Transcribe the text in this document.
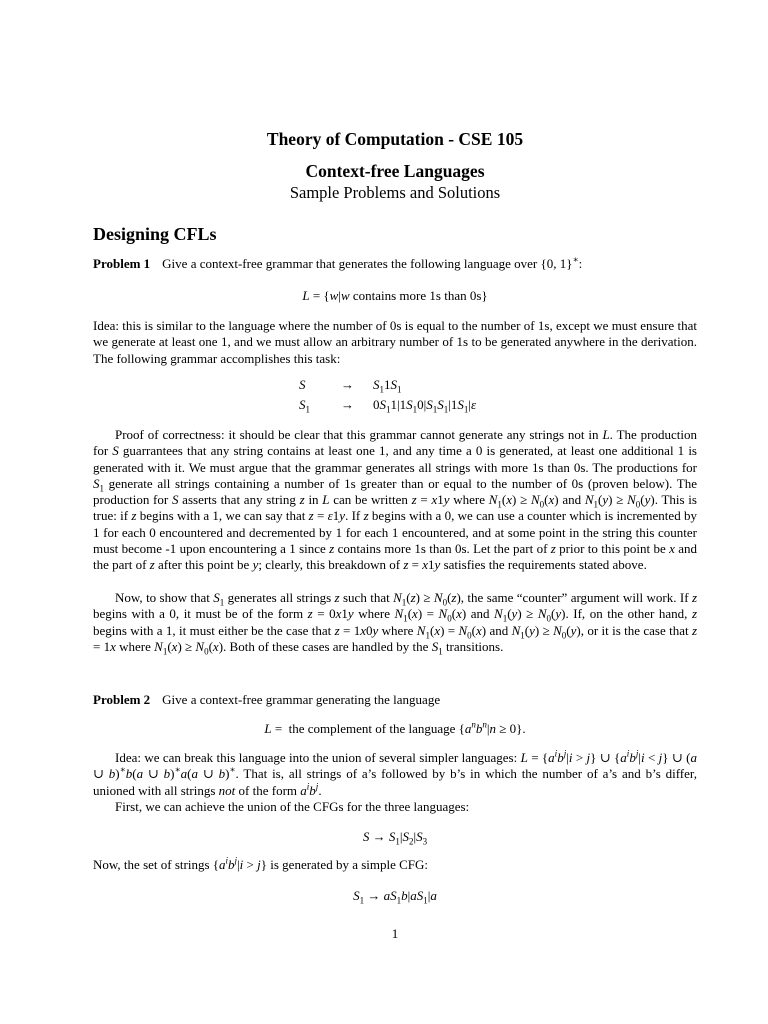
Theory of Computation - CSE 105
Context-free Languages
Sample Problems and Solutions
Designing CFLs
Problem 1 Give a context-free grammar that generates the following language over {0, 1}∗:
L = {w|w contains more 1s than 0s}
Idea: this is similar to the language where the number of 0s is equal to the number of 1s, except we must ensure that we generate at least one 1, and we must allow an arbitrary number of 1s to be generated anywhere in the derivation. The following grammar accomplishes this task:
S	→	$S_11S_1$
$S_1$	→	$0S_11|1S_10|S_1S_1|1S_1|\varepsilon$
Proof of correctness: it should be clear that this grammar cannot generate any strings not in L. The production for S guarrantees that any string contains at least one 1, and any time a 0 is generated, at least one additional 1 is generated with it. We must argue that the grammar generates all strings with more 1s than 0s. The productions for $S_1$ generate all strings containing a number of 1s greater than or equal to the number of 0s (proven below). The production for S asserts that any string z in L can be written z = x1y where $N_1(x) \ge N_0(x)$ and $N_1(y) \ge N_0(y)$. This is true: if z begins with a 1, we can say that z = ε1y. If z begins with a 0, we can use a counter which is incremented by 1 for each 0 encountered and decremented by 1 for each 1 encountered, and at some point in the string this counter must become -1 upon encountering a 1 since z contains more 1s than 0s. Let the part of z prior to this point be x and the part of z after this point be y; clearly, this breakdown of z = x1y satisfies the requirements stated above.
Now, to show that $S_1$ generates all strings z such that $N_1(z) \ge N_0(z)$, the same “counter” argument will work. If z begins with a 0, it must be of the form z = 0x1y where $N_1(x) = N_0(x)$ and $N_1(y) \ge N_0(y)$. If, on the other hand, z begins with a 1, it must either be the case that z = 1x0y where $N_1(x) = N_0(x)$ and $N_1(y) \ge N_0(y)$, or it is the case that z = 1x where $N_1(x) \ge N_0(x)$. Both of these cases are handled by the $S_1$ transitions.
Problem 2 Give a context-free grammar generating the language
L =  the complement of the language $\{a^nb^n|n \ge 0\}$.
Idea: we can break this language into the union of several simpler languages: $L = \{a^ib^j|i > j\}$ ∪ $\{a^ib^j|i < j\}$ ∪ (a ∪ b)∗b(a ∪ b)∗a(a ∪ b)∗. That is, all strings of a’s followed by b’s in which the number of a’s and b’s differ, unioned with all strings not of the form $a^ib^j$.
First, we can achieve the union of the CFGs for the three languages:
$S \to S_1|S_2|S_3$
Now, the set of strings $\{a^ib^j|i > j\}$ is generated by a simple CFG:
$S_1 \to aS_1b|aS_1|a$
1
